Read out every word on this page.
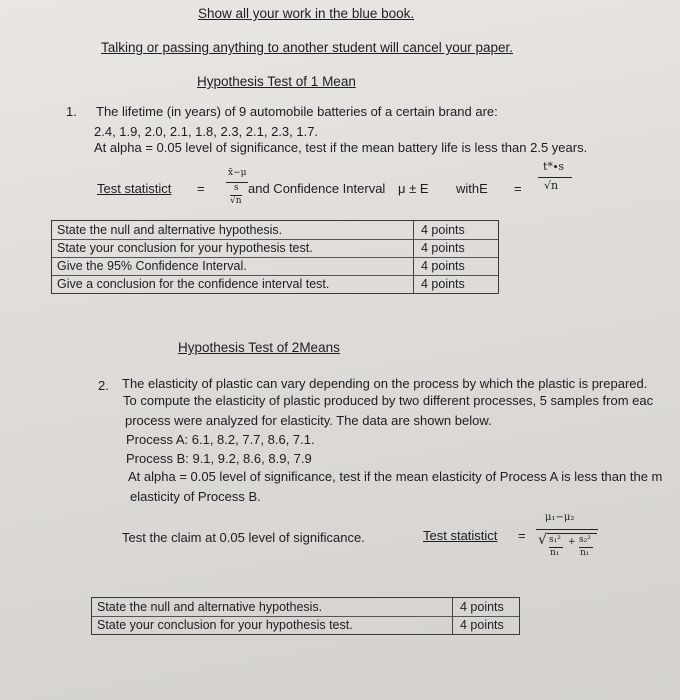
Show all your work in the blue book.
Talking or passing anything to another student will cancel your paper.
Hypothesis Test of 1 Mean
1. The lifetime (in years) of 9 automobile batteries of a certain brand are:
2.4, 1.9, 2.0, 2.1, 1.8, 2.3, 2.1, 2.3, 1.7.
At alpha = 0.05 level of significance, test if the mean battery life is less than 2.5 years.
Test statistict =
x̄−μ
s
√n
and Confidence Interval μ ± E withE =
t*∙s
√n
State the null and alternative hypothesis.	4 points
State your conclusion for your hypothesis test.	4 points
Give the 95% Confidence Interval.	4 points
Give a conclusion for the confidence interval test.	4 points
Hypothesis Test of 2Means
2. The elasticity of plastic can vary depending on the process by which the plastic is prepared.
To compute the elasticity of plastic produced by two different processes, 5 samples from eac
process were analyzed for elasticity. The data are shown below.
Process A: 6.1, 8.2, 7.7, 8.6, 7.1.
Process B: 9.1, 9.2, 8.6, 8.9, 7.9
At alpha = 0.05 level of significance, test if the mean elasticity of Process A is less than the m
elasticity of Process B.
Test the claim at 0.05 level of significance.	Test statistict =
μ₁−μ₂
√ s₁² + s₂²
n₁ n₁
State the null and alternative hypothesis.	4 points
State your conclusion for your hypothesis test.	4 points
